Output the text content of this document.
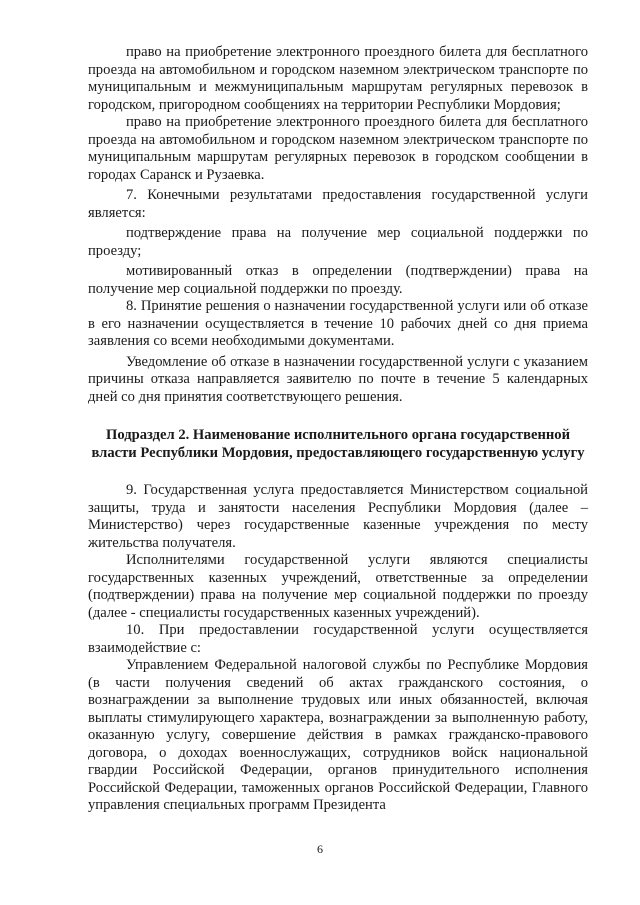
право на приобретение электронного проездного билета для бесплатного проезда на автомобильном и городском наземном электрическом транспорте по муниципальным и межмуниципальным маршрутам регулярных перевозок в городском, пригородном сообщениях на территории Республики Мордовия;

право на приобретение электронного проездного билета для бесплатного проезда на автомобильном и городском наземном электрическом транспорте по муниципальным маршрутам регулярных перевозок в городском сообщении в городах Саранск и Рузаевка.

7. Конечными результатами предоставления государственной услуги является:

подтверждение права на получение мер социальной поддержки по проезду;

мотивированный отказ в определении (подтверждении) права на получение мер социальной поддержки по проезду.

8. Принятие решения о назначении государственной услуги или об отказе в его назначении осуществляется в течение 10 рабочих дней со дня приема заявления со всеми необходимыми документами.

Уведомление об отказе в назначении государственной услуги с указанием причины отказа направляется заявителю по почте в течение 5 календарных дней со дня принятия соответствующего решения.

Подраздел 2. Наименование исполнительного органа государственной власти Республики Мордовия, предоставляющего государственную услугу

9. Государственная услуга предоставляется Министерством социальной защиты, труда и занятости населения Республики Мордовия (далее – Министерство) через государственные казенные учреждения по месту жительства получателя.

Исполнителями государственной услуги являются специалисты государственных казенных учреждений, ответственные за определении (подтверждении) права на получение мер социальной поддержки по проезду (далее - специалисты государственных казенных учреждений).

10. При предоставлении государственной услуги осуществляется взаимодействие с:

Управлением Федеральной налоговой службы по Республике Мордовия (в части получения сведений об актах гражданского состояния, о вознаграждении за выполнение трудовых или иных обязанностей, включая выплаты стимулирующего характера, вознаграждении за выполненную работу, оказанную услугу, совершение действия в рамках гражданско-правового договора, о доходах военнослужащих, сотрудников войск национальной гвардии Российской Федерации, органов принудительного исполнения Российской Федерации, таможенных органов Российской Федерации, Главного управления специальных программ Президента

6
